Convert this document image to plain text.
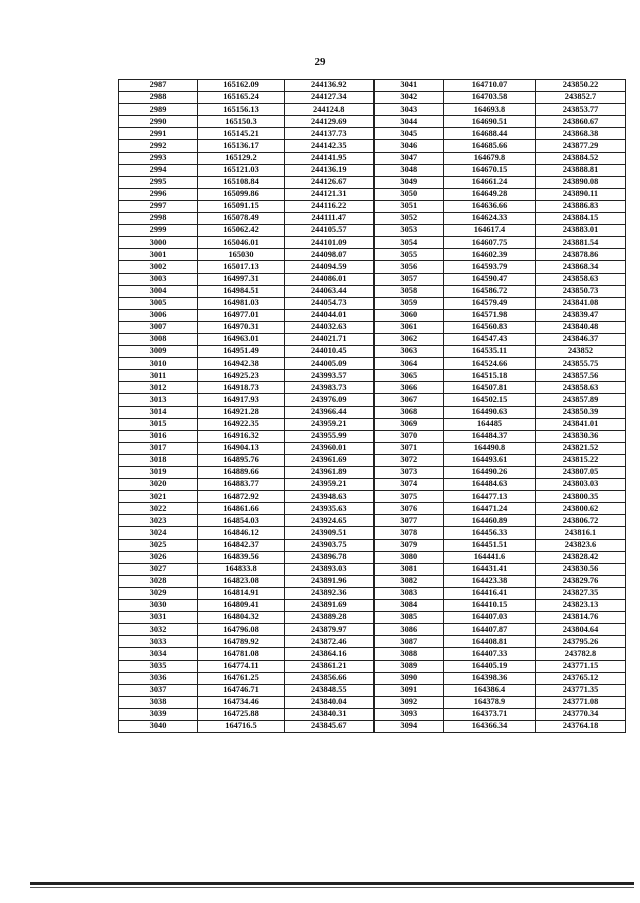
29
2987	165162.09	244136.92	3041	164710.07	243850.22
2988	165165.24	244127.34	3042	164703.58	243852.7
2989	165156.13	244124.8	3043	164693.8	243853.77
2990	165150.3	244129.69	3044	164690.51	243860.67
2991	165145.21	244137.73	3045	164688.44	243868.38
2992	165136.17	244142.35	3046	164685.66	243877.29
2993	165129.2	244141.95	3047	164679.8	243884.52
2994	165121.03	244136.19	3048	164670.15	243888.81
2995	165108.84	244126.67	3049	164661.24	243890.08
2996	165099.86	244121.31	3050	164649.28	243890.11
2997	165091.15	244116.22	3051	164636.66	243886.83
2998	165078.49	244111.47	3052	164624.33	243884.15
2999	165062.42	244105.57	3053	164617.4	243883.01
3000	165046.01	244101.09	3054	164607.75	243881.54
3001	165030	244098.07	3055	164602.39	243878.86
3002	165017.13	244094.59	3056	164593.79	243868.34
3003	164997.31	244086.01	3057	164590.47	243858.63
3004	164984.51	244063.44	3058	164586.72	243850.73
3005	164981.03	244054.73	3059	164579.49	243841.08
3006	164977.01	244044.01	3060	164571.98	243839.47
3007	164970.31	244032.63	3061	164560.83	243840.48
3008	164963.01	244021.71	3062	164547.43	243846.37
3009	164951.49	244010.45	3063	164535.11	243852
3010	164942.38	244005.09	3064	164524.66	243855.75
3011	164925.23	243993.57	3065	164515.18	243857.56
3012	164918.73	243983.73	3066	164507.81	243858.63
3013	164917.93	243976.09	3067	164502.15	243857.89
3014	164921.28	243966.44	3068	164490.63	243850.39
3015	164922.35	243959.21	3069	164485	243841.01
3016	164916.32	243955.99	3070	164484.37	243830.36
3017	164904.13	243960.01	3071	164490.8	243821.52
3018	164895.76	243961.69	3072	164493.61	243815.22
3019	164889.66	243961.89	3073	164490.26	243807.05
3020	164883.77	243959.21	3074	164484.63	243803.03
3021	164872.92	243948.63	3075	164477.13	243800.35
3022	164861.66	243935.63	3076	164471.24	243800.62
3023	164854.03	243924.65	3077	164460.89	243806.72
3024	164846.12	243909.51	3078	164456.33	243816.1
3025	164842.37	243903.75	3079	164451.51	243823.6
3026	164839.56	243896.78	3080	164441.6	243828.42
3027	164833.8	243893.03	3081	164431.41	243830.56
3028	164823.08	243891.96	3082	164423.38	243829.76
3029	164814.91	243892.36	3083	164416.41	243827.35
3030	164809.41	243891.69	3084	164410.15	243823.13
3031	164804.32	243889.28	3085	164407.03	243814.76
3032	164796.08	243879.97	3086	164407.87	243804.64
3033	164789.92	243872.46	3087	164408.81	243795.26
3034	164781.08	243864.16	3088	164407.33	243782.8
3035	164774.11	243861.21	3089	164405.19	243771.15
3036	164761.25	243856.66	3090	164398.36	243765.12
3037	164746.71	243848.55	3091	164386.4	243771.35
3038	164734.46	243840.04	3092	164378.9	243771.08
3039	164725.88	243840.31	3093	164373.71	243770.34
3040	164716.5	243845.67	3094	164366.34	243764.18
